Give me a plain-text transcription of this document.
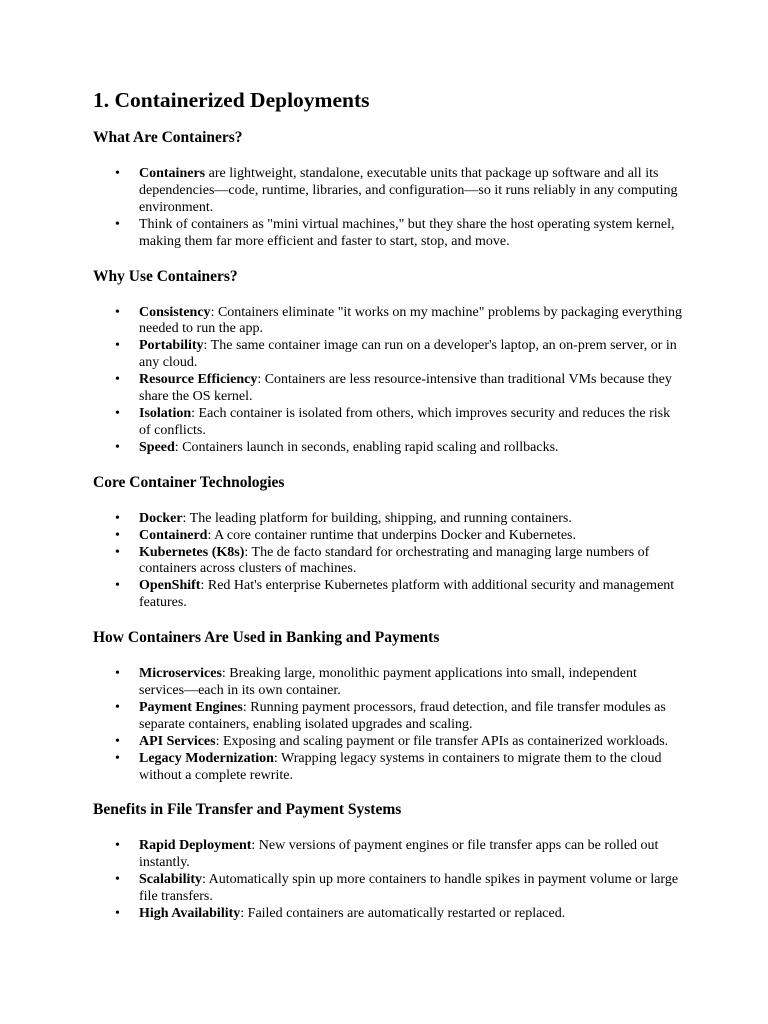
1. Containerized Deployments
What Are Containers?
• Containers are lightweight, standalone, executable units that package up software and all its dependencies—code, runtime, libraries, and configuration—so it runs reliably in any computing environment.
• Think of containers as "mini virtual machines," but they share the host operating system kernel, making them far more efficient and faster to start, stop, and move.
Why Use Containers?
• Consistency: Containers eliminate "it works on my machine" problems by packaging everything needed to run the app.
• Portability: The same container image can run on a developer's laptop, an on-prem server, or in any cloud.
• Resource Efficiency: Containers are less resource-intensive than traditional VMs because they share the OS kernel.
• Isolation: Each container is isolated from others, which improves security and reduces the risk of conflicts.
• Speed: Containers launch in seconds, enabling rapid scaling and rollbacks.
Core Container Technologies
• Docker: The leading platform for building, shipping, and running containers.
• Containerd: A core container runtime that underpins Docker and Kubernetes.
• Kubernetes (K8s): The de facto standard for orchestrating and managing large numbers of containers across clusters of machines.
• OpenShift: Red Hat's enterprise Kubernetes platform with additional security and management features.
How Containers Are Used in Banking and Payments
• Microservices: Breaking large, monolithic payment applications into small, independent services—each in its own container.
• Payment Engines: Running payment processors, fraud detection, and file transfer modules as separate containers, enabling isolated upgrades and scaling.
• API Services: Exposing and scaling payment or file transfer APIs as containerized workloads.
• Legacy Modernization: Wrapping legacy systems in containers to migrate them to the cloud without a complete rewrite.
Benefits in File Transfer and Payment Systems
• Rapid Deployment: New versions of payment engines or file transfer apps can be rolled out instantly.
• Scalability: Automatically spin up more containers to handle spikes in payment volume or large file transfers.
• High Availability: Failed containers are automatically restarted or replaced.
